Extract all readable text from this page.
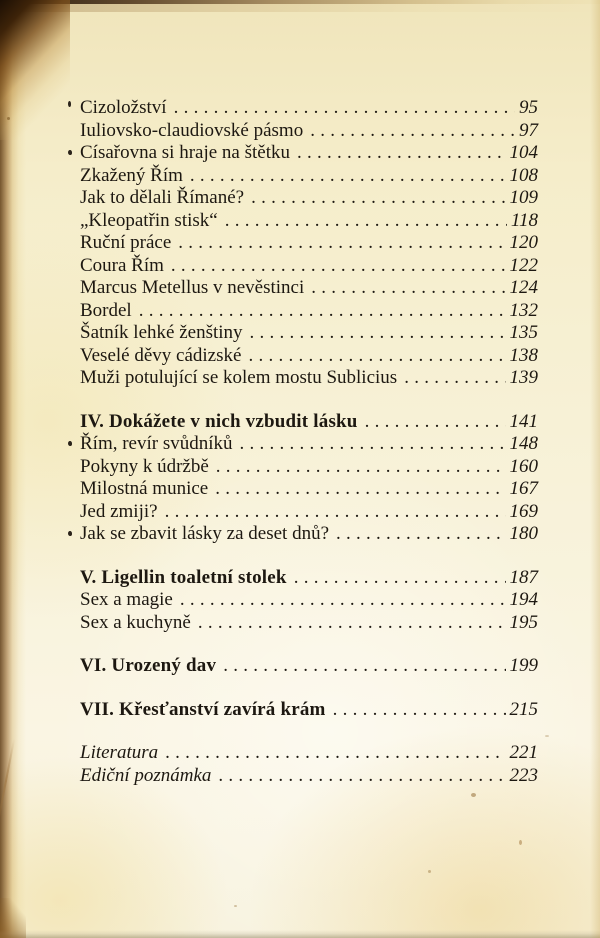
Cizoložství . . .	95
Iuliovsko-claudiovské pásmo . . .	97
Císařovna si hraje na štětku . . .	104
Zkažený Řím . . .	108
Jak to dělali Římané? . . .	109
„Kleopatřin stisk“ . . .	118
Ruční práce . . .	120
Coura Řím . . .	122
Marcus Metellus v nevěstinci . . .	124
Bordel . . .	132
Šatník lehké ženštiny . . .	135
Veselé děvy cádizské . . .	138
Muži potulující se kolem mostu Sublicius . . .	139
IV. Dokážete v nich vzbudit lásku . . .	141
Řím, revír svůdníků . . .	148
Pokyny k údržbě . . .	160
Milostná munice . . .	167
Jed zmiji? . . .	169
Jak se zbavit lásky za deset dnů? . . .	180
V. Ligellin toaletní stolek . . .	187
Sex a magie . . .	194
Sex a kuchyně . . .	195
VI. Urozený dav . . .	199
VII. Křesťanství zavírá krám . . .	215
Literatura . . .	221
Ediční poznámka . . .	223
